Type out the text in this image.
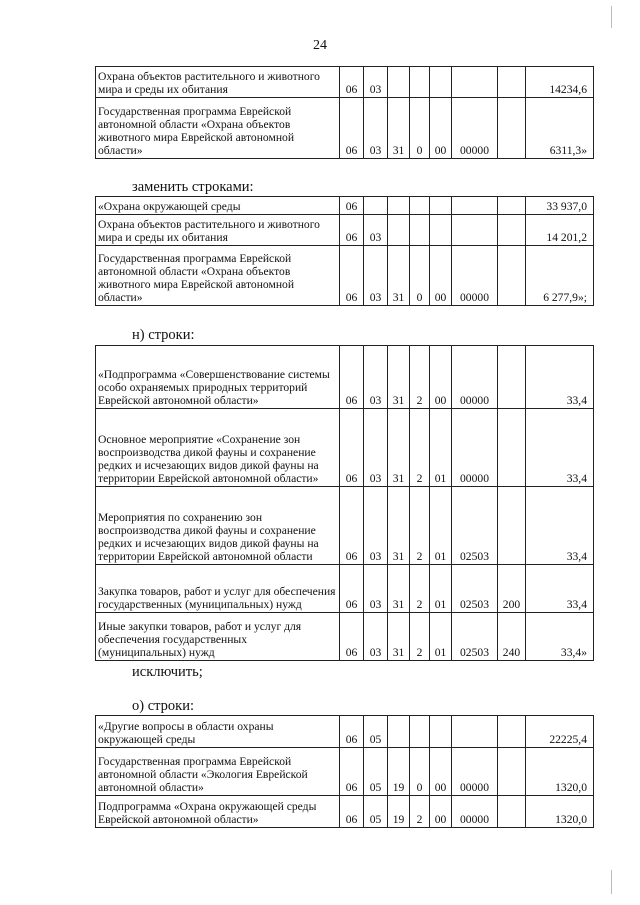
24
Охрана объектов растительного и животного мира и среды их обитания	06	03						14234,6
Государственная программа Еврейской автономной области «Охрана объектов животного мира Еврейской автономной области»	06	03	31	0	00	00000		6311,3»
заменить строками:
«Охрана окружающей среды	06							33 937,0
Охрана объектов растительного и животного мира и среды их обитания	06	03						14 201,2
Государственная программа Еврейской автономной области «Охрана объектов животного мира Еврейской автономной области»	06	03	31	0	00	00000		6 277,9»;
н) строки:
«Подпрограмма «Совершенствование системы особо охраняемых природных территорий Еврейской автономной области»	06	03	31	2	00	00000		33,4
Основное мероприятие «Сохранение зон воспроизводства дикой фауны и сохранение редких и исчезающих видов дикой фауны на территории Еврейской автономной области»	06	03	31	2	01	00000		33,4
Мероприятия по сохранению зон воспроизводства дикой фауны и сохранение редких и исчезающих видов дикой фауны на территории Еврейской автономной области	06	03	31	2	01	02503		33,4
Закупка товаров, работ и услуг для обеспечения государственных (муниципальных) нужд	06	03	31	2	01	02503	200	33,4
Иные закупки товаров, работ и услуг для обеспечения государственных (муниципальных) нужд	06	03	31	2	01	02503	240	33,4»
исключить;
о) строки:
«Другие вопросы в области охраны окружающей среды	06	05						22225,4
Государственная программа Еврейской автономной области «Экология Еврейской автономной области»	06	05	19	0	00	00000		1320,0
Подпрограмма «Охрана окружающей среды Еврейской автономной области»	06	05	19	2	00	00000		1320,0
